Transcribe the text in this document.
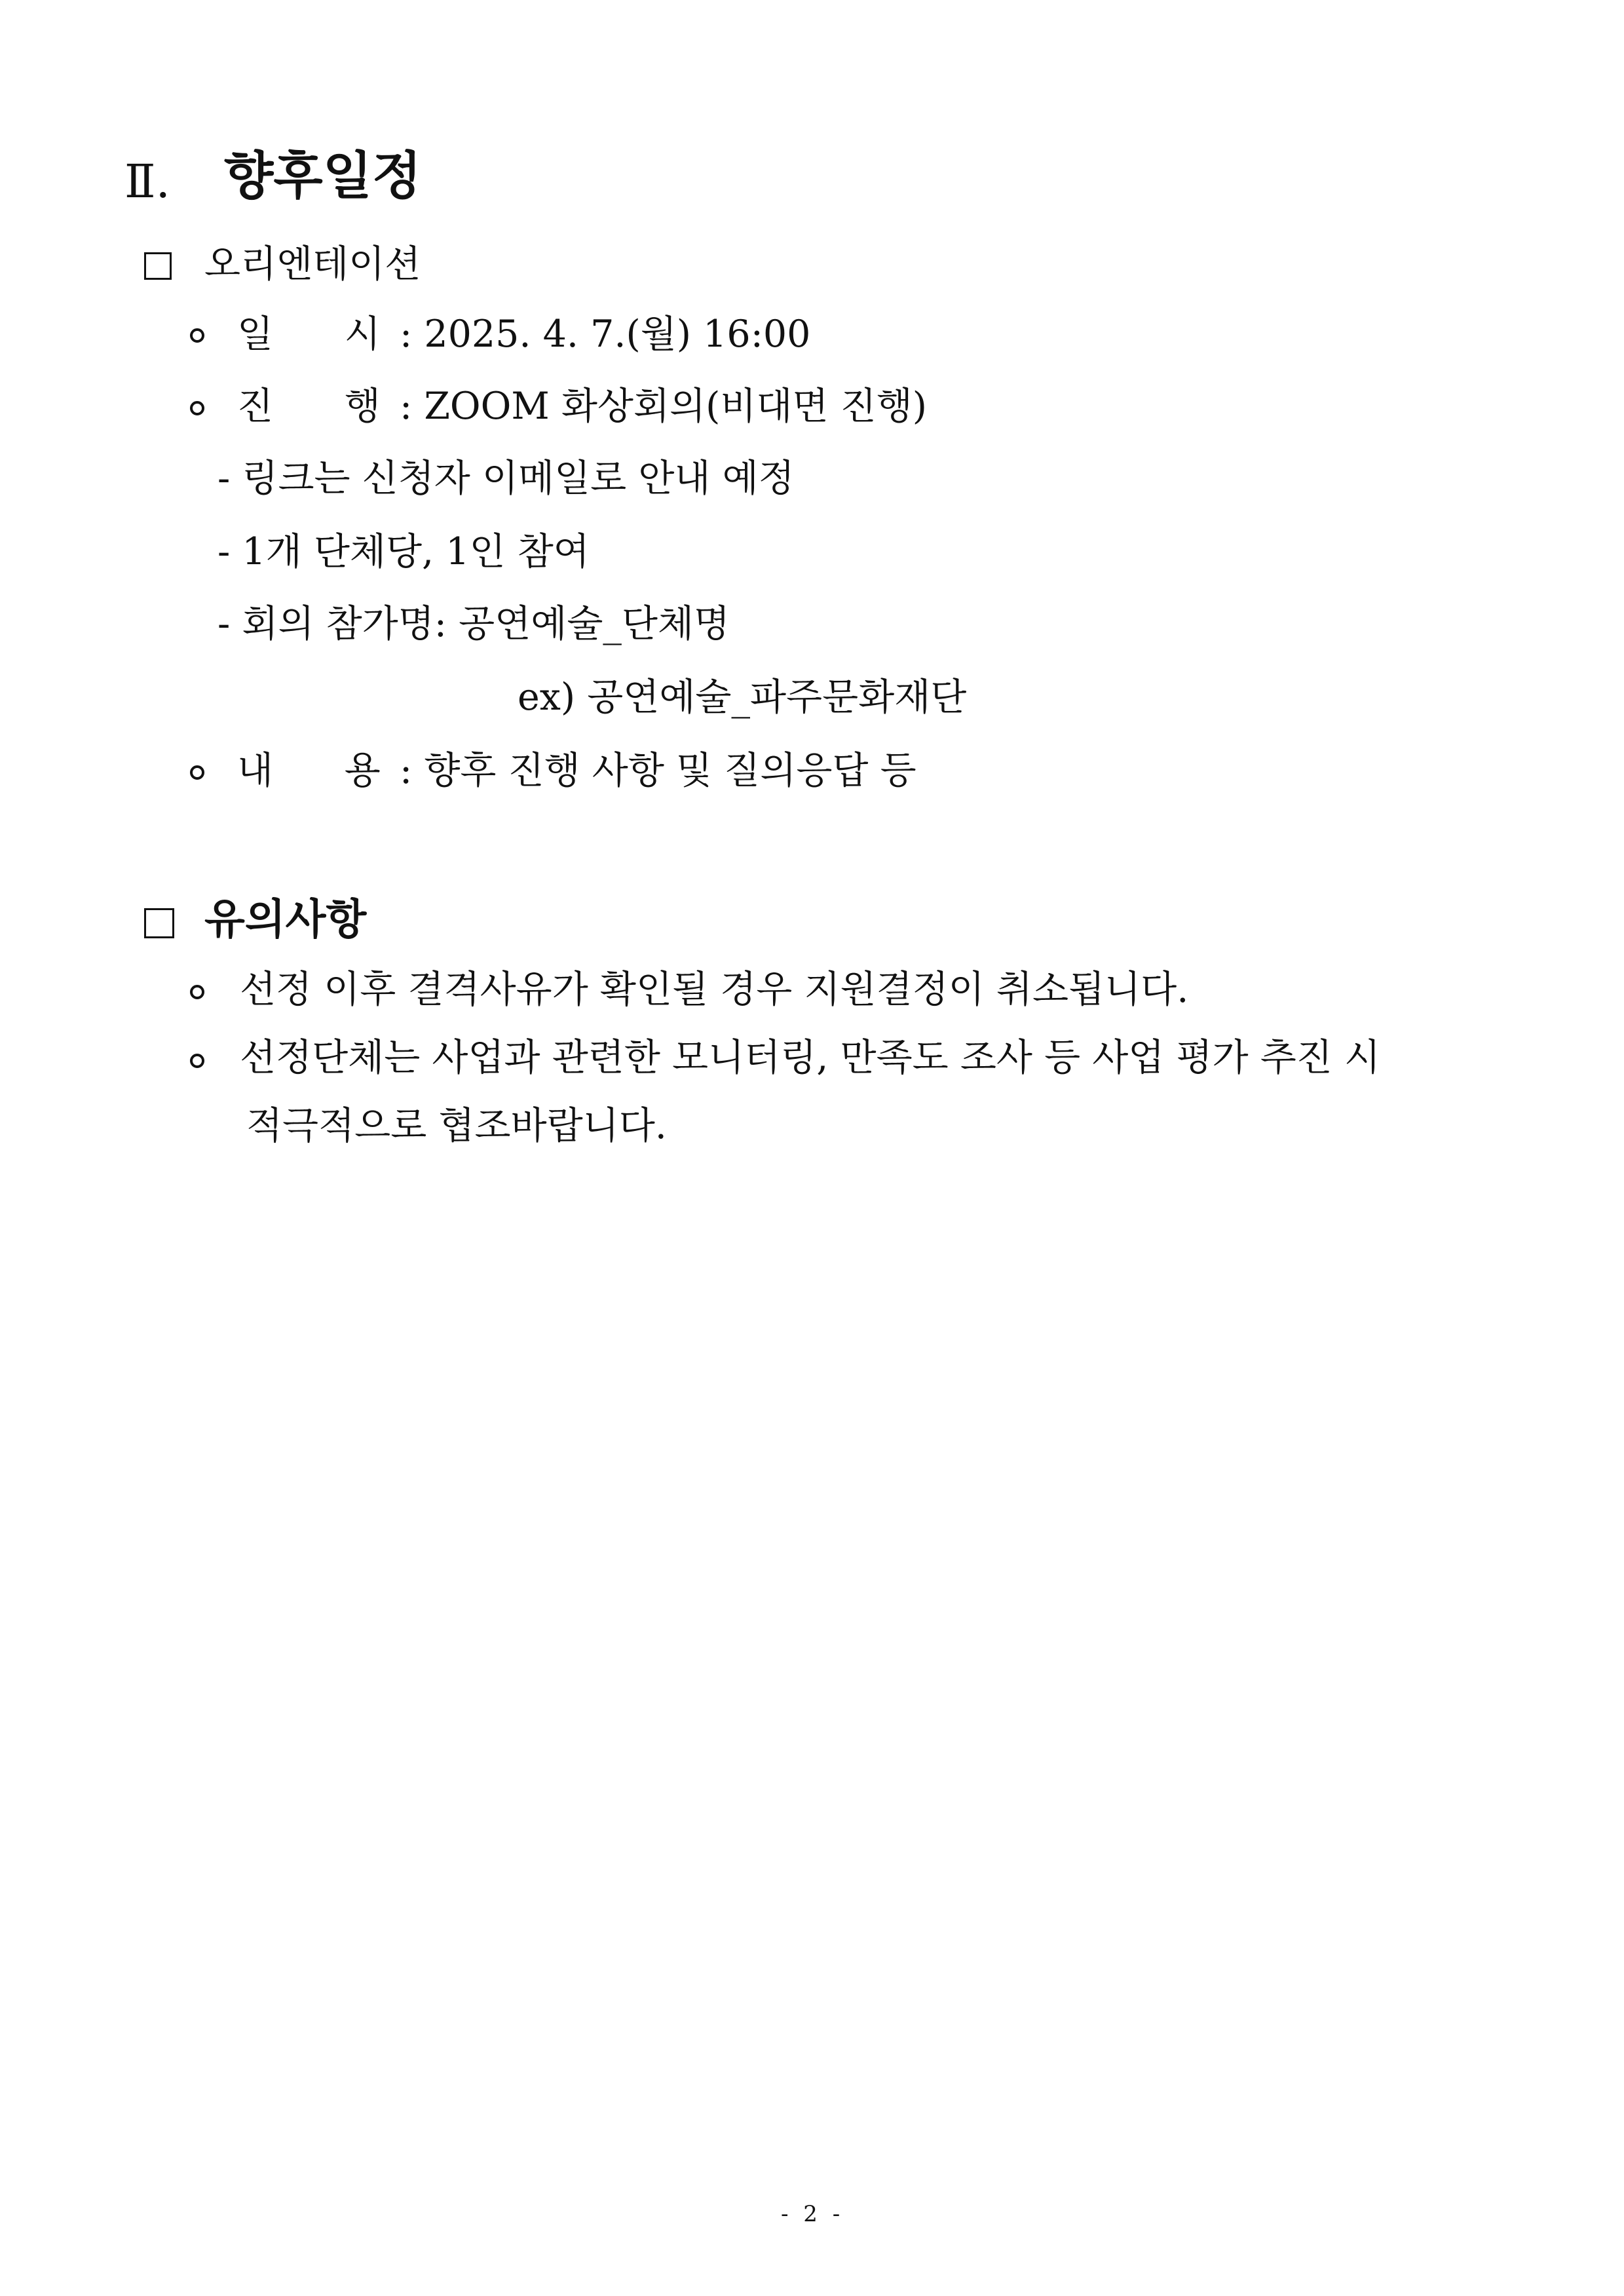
Ⅱ. 향후일정
오리엔테이션
일      시 : 2025. 4. 7.(월) 16:00
진      행 : ZOOM 화상회의(비대면 진행)
- 링크는 신청자 이메일로 안내 예정
- 1개 단체당, 1인 참여
- 회의 참가명: 공연예술_단체명
ex) 공연예술_파주문화재단
내      용 : 향후 진행 사항 및 질의응답 등
유의사항
선정 이후 결격사유가 확인될 경우 지원결정이 취소됩니다.
선정단체는 사업과 관련한 모니터링, 만족도 조사 등 사업 평가 추진 시
적극적으로 협조바랍니다.
- 2 -
